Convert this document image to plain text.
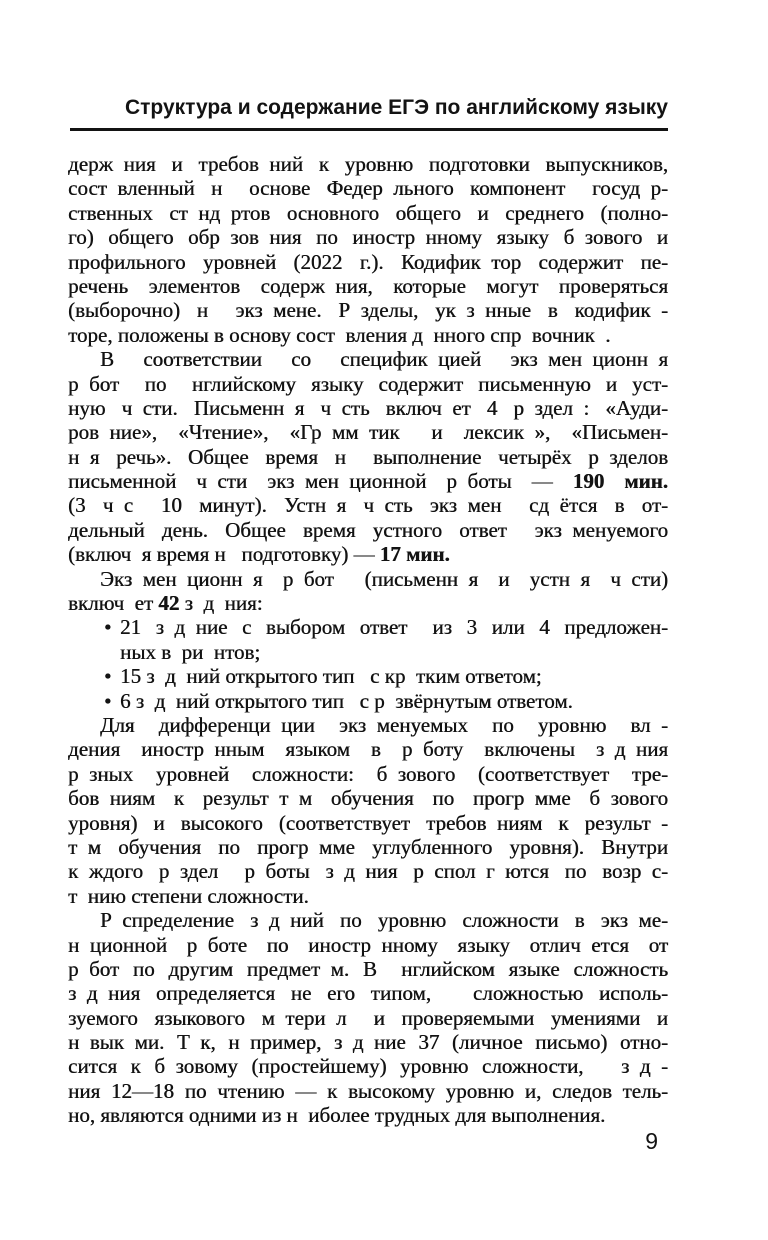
Структура и содержание ЕГЭ по английскому языку
держ ния и требов ний к уровню подготовки выпускников,
сост вленный н  основе Федер льного компонент  госуд р-
ственных ст нд ртов основного общего и среднего (полно-
го) общего обр зов ния по иностр нному языку б зового и
профильного уровней (2022 г.). Кодифик тор содержит пе-
речень элементов содерж ния, которые могут проверяться
(выборочно) н  экз мене. Р зделы, ук з нные в кодифик -
торе, положены в основу сост вления д нного спр вочник .
В соответствии со специфик цией экз мен ционн я
р бот  по  нглийскому языку содержит письменную и уст-
ную ч сти. Письменн я ч сть включ ет 4 р здел : «Ауди-
ров ние», «Чтение», «Гр мм тик  и лексик », «Письмен-
н я речь». Общее время н  выполнение четырёх р зделов
письменной ч сти экз мен ционной р боты — 190 мин.
(3 ч с  10 минут). Устн я ч сть экз мен  сд ётся в от-
дельный день. Общее время устного ответ  экз менуемого
(включ я время н  подготовку) — 17 мин.
Экз мен ционн я р бот  (письменн я и устн я ч сти)
включ ет 42 з д ния:
• 21 з д ние с выбором ответ  из 3 или 4 предложен-
ных в ри нтов;
• 15 з д ний открытого тип  с кр тким ответом;
• 6 з д ний открытого тип  с р звёрнутым ответом.
Для дифференци ции экз менуемых по уровню вл -
дения иностр нным языком в р боту включены з д ния
р зных уровней сложности: б зового (соответствует тре-
бов ниям к результ т м обучения по прогр мме б зового
уровня) и высокого (соответствует требов ниям к результ -
т м обучения по прогр мме углубленного уровня). Внутри
к ждого р здел  р боты з д ния р спол г ются по возр с-
т нию степени сложности.
Р спределение з д ний по уровню сложности в экз ме-
н ционной р боте по иностр нному языку отлич ется от
р бот по другим предмет м. В  нглийском языке сложность
з д ния определяется не его типом,   сложностью исполь-
зуемого языкового м тери л  и проверяемыми умениями и
н вык ми. Т к, н пример, з д ние 37 (личное письмо) отно-
сится к б зовому (простейшему) уровню сложности,   з д -
ния 12—18 по чтению — к высокому уровню и, следов тель-
но, являются одними из н иболее трудных для выполнения.
9
